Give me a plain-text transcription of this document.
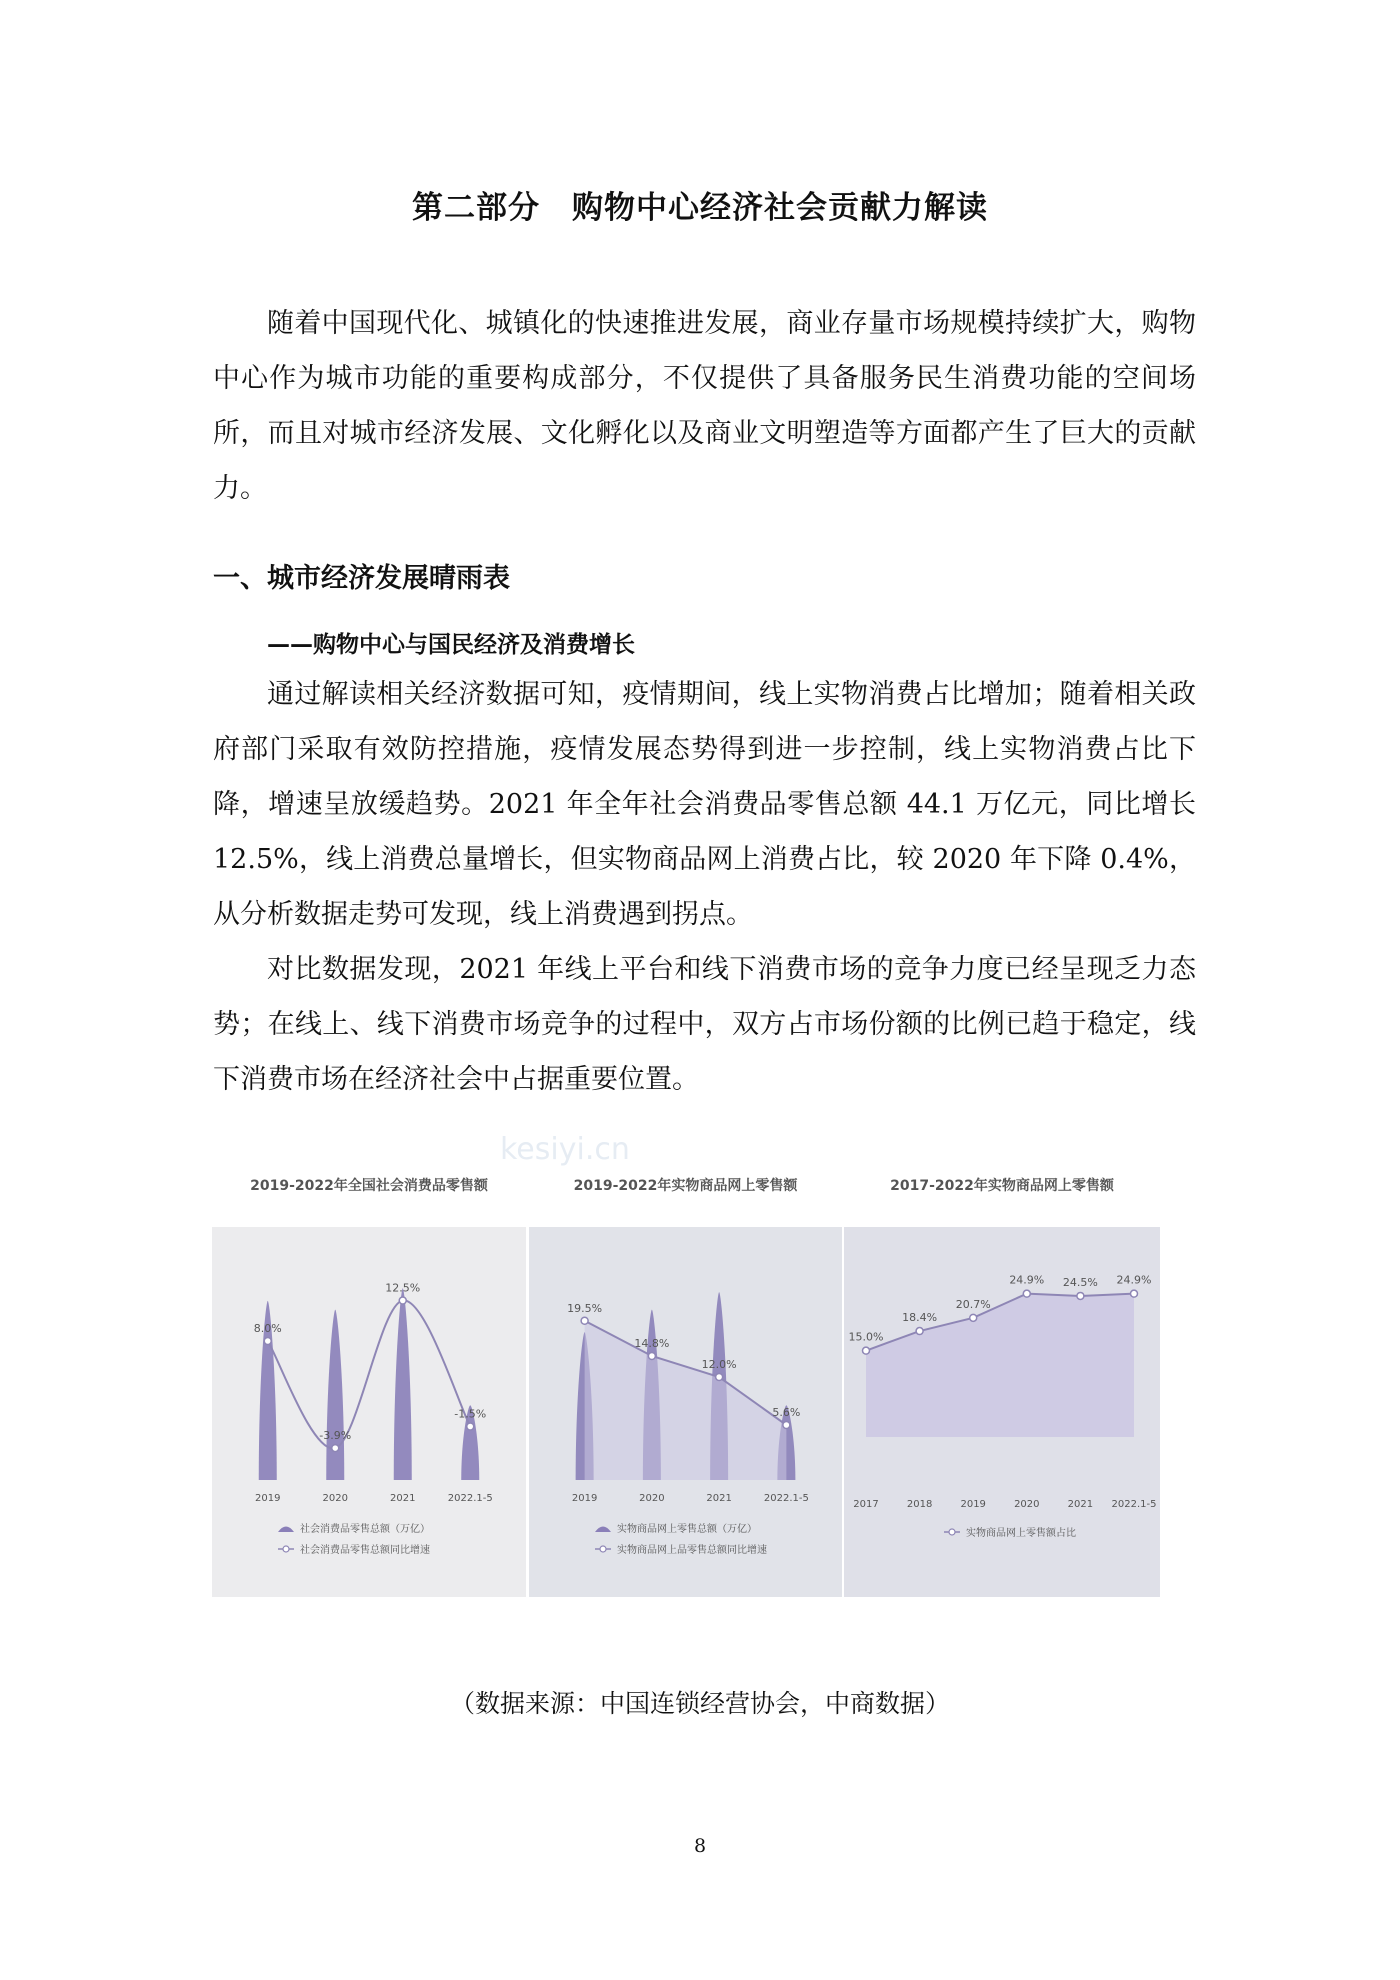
第二部分　购物中心经济社会贡献力解读

随着中国现代化、城镇化的快速推进发展，商业存量市场规模持续扩大，购物中心作为城市功能的重要构成部分，不仅提供了具备服务民生消费功能的空间场所，而且对城市经济发展、文化孵化以及商业文明塑造等方面都产生了巨大的贡献力。

一、城市经济发展晴雨表
——购物中心与国民经济及消费增长

通过解读相关经济数据可知，疫情期间，线上实物消费占比增加；随着相关政府部门采取有效防控措施，疫情发展态势得到进一步控制，线上实物消费占比下降，增速呈放缓趋势。2021 年全年社会消费品零售总额 44.1 万亿元，同比增长 12.5%，线上消费总量增长，但实物商品网上消费占比，较 2020 年下降 0.4%，从分析数据走势可发现，线上消费遇到拐点。

对比数据发现，2021 年线上平台和线下消费市场的竞争力度已经呈现乏力态势；在线上、线下消费市场竞争的过程中，双方占市场份额的比例已趋于稳定，线下消费市场在经济社会中占据重要位置。

kesiyi.cn
2019-2022年全国社会消费品零售额
8.0%
-3.9%
12.5%
-1.5%
2019	2020	2021	2022.1-5
社会消费品零售总额（万亿）
社会消费品零售总额同比增速
2019-2022年实物商品网上零售额
19.5%
14.8%
12.0%
5.6%
2019	2020	2021	2022.1-5
实物商品网上零售总额（万亿）
实物商品网上品零售总额同比增速
2017-2022年实物商品网上零售额
15.0%
18.4%
20.7%
24.9% 24.5% 24.9%
2017	2018	2019	2020	2021 2022.1-5
实物商品网上零售额占比

（数据来源：中国连锁经营协会，中商数据）

8
